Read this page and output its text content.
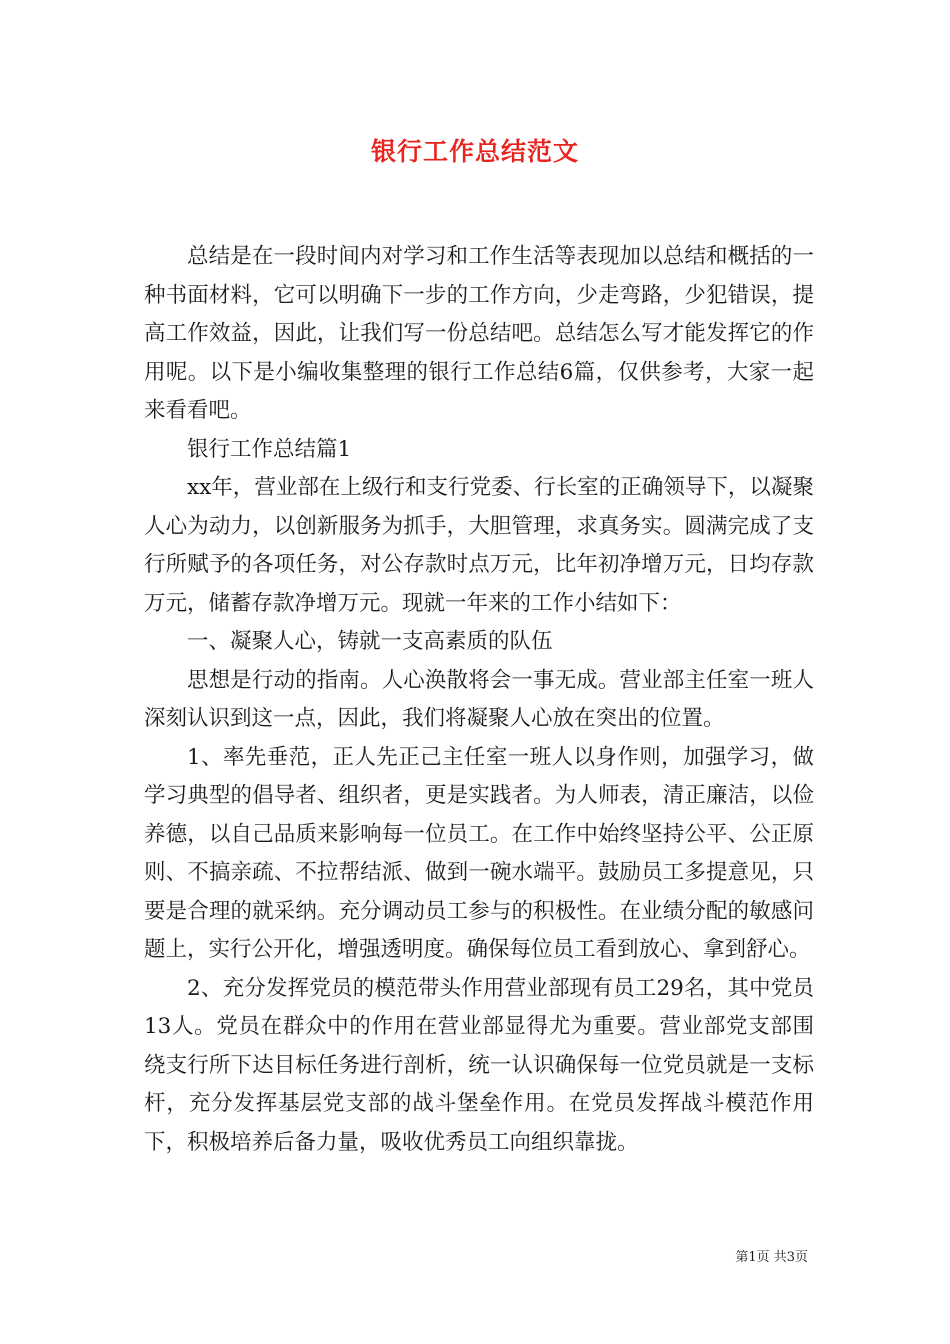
银行工作总结范文

总结是在一段时间内对学习和工作生活等表现加以总结和概括的一种书面材料，它可以明确下一步的工作方向，少走弯路，少犯错误，提高工作效益，因此，让我们写一份总结吧。总结怎么写才能发挥它的作用呢。以下是小编收集整理的银行工作总结6篇，仅供参考，大家一起来看看吧。

银行工作总结篇1

xx年，营业部在上级行和支行党委、行长室的正确领导下，以凝聚人心为动力，以创新服务为抓手，大胆管理，求真务实。圆满完成了支行所赋予的各项任务，对公存款时点万元，比年初净增万元，日均存款万元，储蓄存款净增万元。现就一年来的工作小结如下：

一、凝聚人心，铸就一支高素质的队伍

思想是行动的指南。人心涣散将会一事无成。营业部主任室一班人深刻认识到这一点，因此，我们将凝聚人心放在突出的位置。

1、率先垂范，正人先正己主任室一班人以身作则，加强学习，做学习典型的倡导者、组织者，更是实践者。为人师表，清正廉洁，以俭养德，以自己品质来影响每一位员工。在工作中始终坚持公平、公正原则、不搞亲疏、不拉帮结派、做到一碗水端平。鼓励员工多提意见，只要是合理的就采纳。充分调动员工参与的积极性。在业绩分配的敏感问题上，实行公开化，增强透明度。确保每位员工看到放心、拿到舒心。

2、充分发挥党员的模范带头作用营业部现有员工29名，其中党员13人。党员在群众中的作用在营业部显得尤为重要。营业部党支部围绕支行所下达目标任务进行剖析，统一认识确保每一位党员就是一支标杆，充分发挥基层党支部的战斗堡垒作用。在党员发挥战斗模范作用下，积极培养后备力量，吸收优秀员工向组织靠拢。

第1页 共3页
